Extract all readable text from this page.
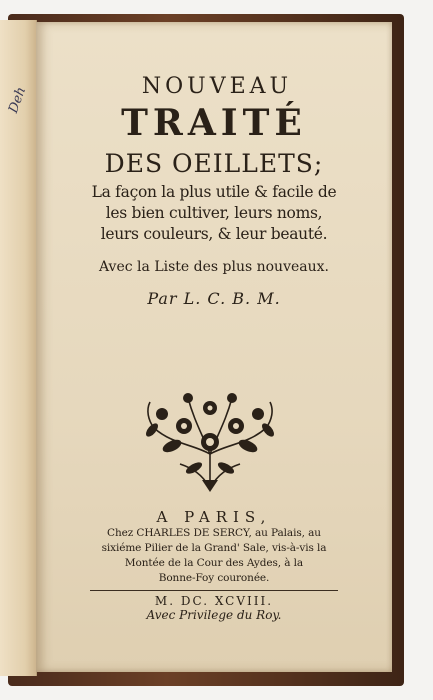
Deh	NOUVEAU
TRAITÉ
DES OEILLETS;
La façon la plus utile & facile de
les bien cultiver, leurs noms,
leurs couleurs, & leur beauté.
Avec la Liste des plus nouveaux.
Par L. C. B. M.
A PARIS,
Chez CHARLES DE SERCY, au Palais, au
sixiéme Pilier de la Grand' Sale, vis-à-vis la
Montée de la Cour des Aydes, à la
Bonne-Foy couronée.
M. DC. XCVIII.
Avec Privilege du Roy.
